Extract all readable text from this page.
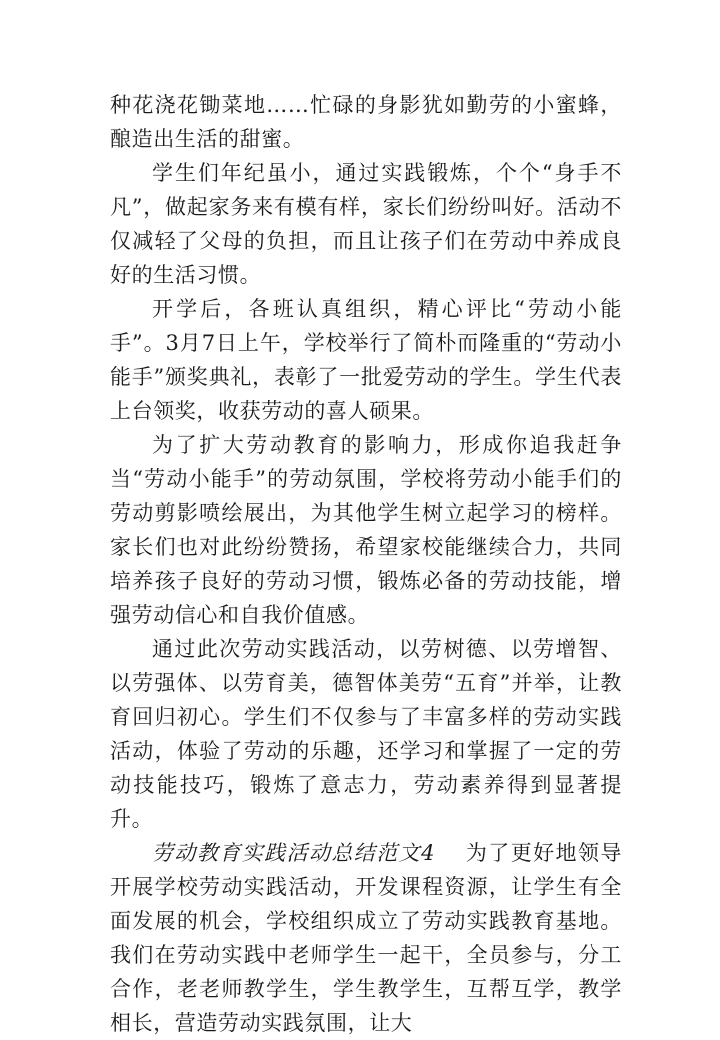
种花浇花锄菜地……忙碌的身影犹如勤劳的小蜜蜂，酿造出生活的甜蜜。

学生们年纪虽小，通过实践锻炼，个个“身手不凡”，做起家务来有模有样，家长们纷纷叫好。活动不仅减轻了父母的负担，而且让孩子们在劳动中养成良好的生活习惯。

开学后，各班认真组织，精心评比“劳动小能手”。3月7日上午，学校举行了简朴而隆重的“劳动小能手”颁奖典礼，表彰了一批爱劳动的学生。学生代表上台领奖，收获劳动的喜人硕果。

为了扩大劳动教育的影响力，形成你追我赶争当“劳动小能手”的劳动氛围，学校将劳动小能手们的劳动剪影喷绘展出，为其他学生树立起学习的榜样。家长们也对此纷纷赞扬，希望家校能继续合力，共同培养孩子良好的劳动习惯，锻炼必备的劳动技能，增强劳动信心和自我价值感。

通过此次劳动实践活动，以劳树德、以劳增智、以劳强体、以劳育美，德智体美劳“五育”并举，让教育回归初心。学生们不仅参与了丰富多样的劳动实践活动，体验了劳动的乐趣，还学习和掌握了一定的劳动技能技巧，锻炼了意志力，劳动素养得到显著提升。

劳动教育实践活动总结范文4 为了更好地领导开展学校劳动实践活动，开发课程资源，让学生有全面发展的机会，学校组织成立了劳动实践教育基地。我们在劳动实践中老师学生一起干，全员参与，分工合作，老老师教学生，学生教学生，互帮互学，教学相长，营造劳动实践氛围，让大
